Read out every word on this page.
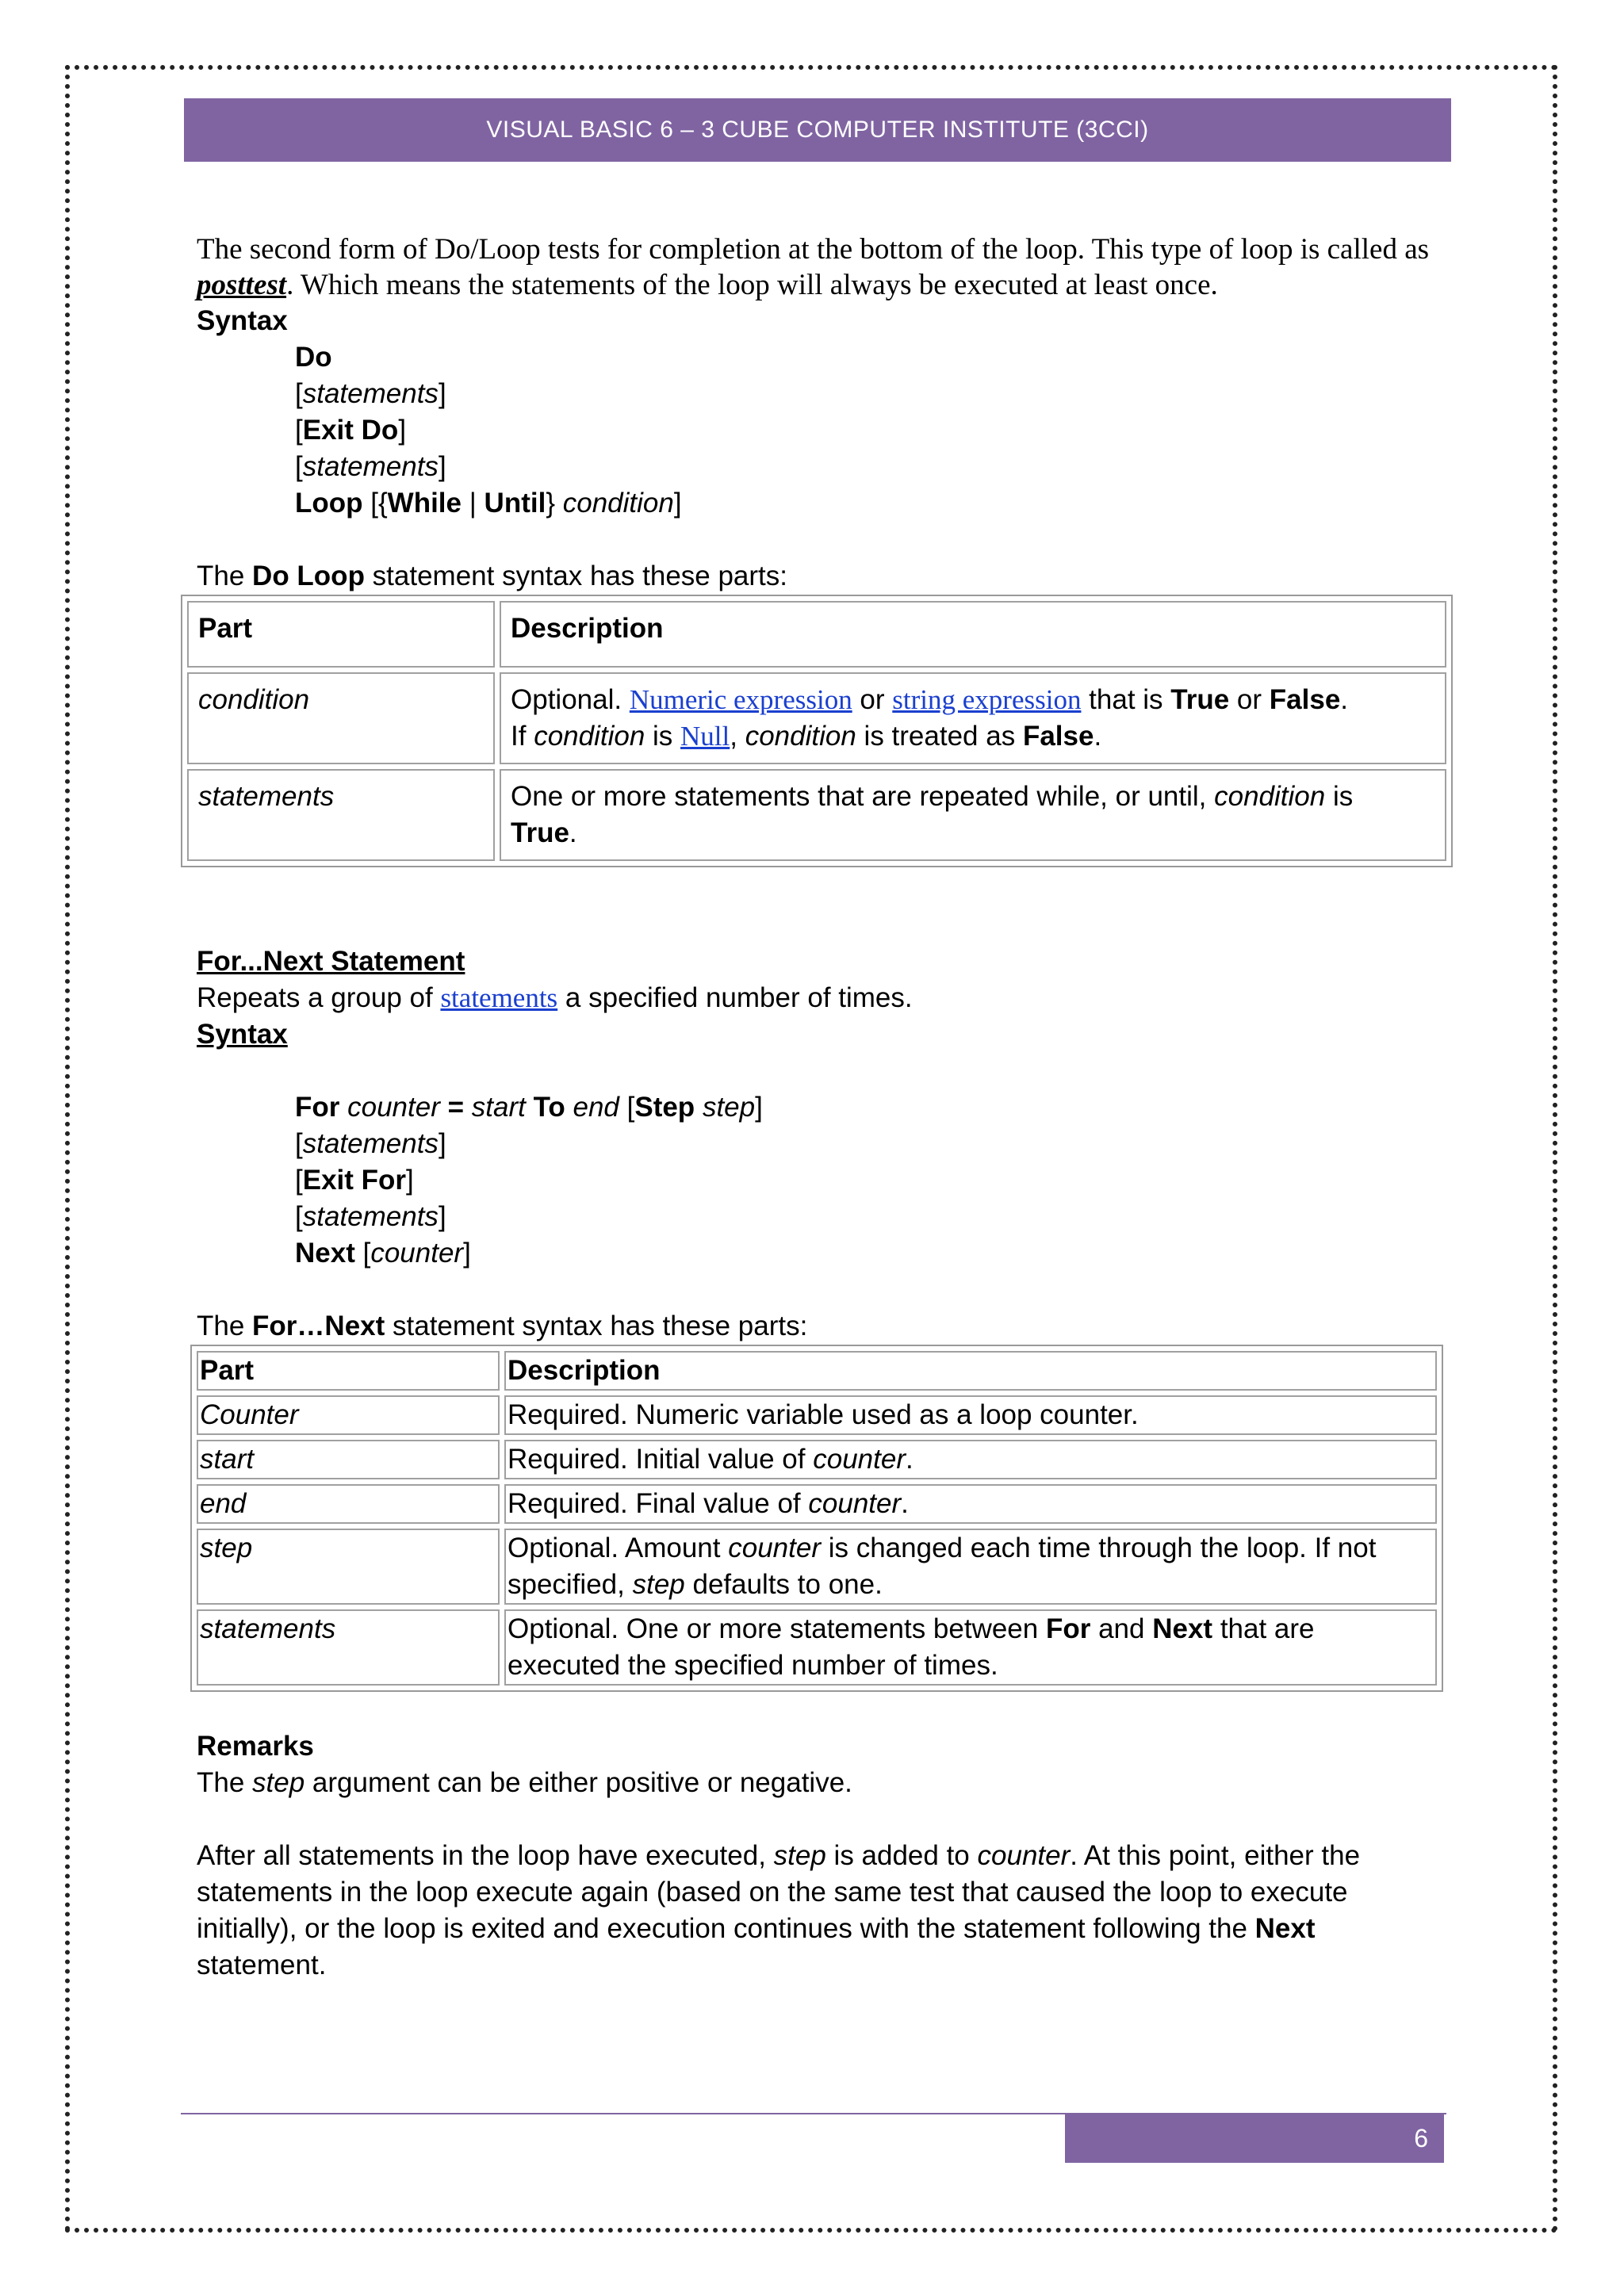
VISUAL BASIC 6 – 3 CUBE COMPUTER INSTITUTE (3CCI)
The second form of Do/Loop tests for completion at the bottom of the loop. This type of loop is called as posttest. Which means the statements of the loop will always be executed at least once.
Syntax
Do
[statements]
[Exit Do]
[statements]
Loop [{While | Until} condition]
The Do Loop statement syntax has these parts:
Part	Description
condition	Optional. Numeric expression or string expression that is True or False.
If condition is Null, condition is treated as False.
statements	One or more statements that are repeated while, or until, condition is
True.
For...Next Statement
Repeats a group of statements a specified number of times.
Syntax
For counter = start To end [Step step]
[statements]
[Exit For]
[statements]
Next [counter]
The For…Next statement syntax has these parts:
Part	Description
Counter	Required. Numeric variable used as a loop counter.
start	Required. Initial value of counter.
end	Required. Final value of counter.
step	Optional. Amount counter is changed each time through the loop. If not
specified, step defaults to one.
statements	Optional. One or more statements between For and Next that are
executed the specified number of times.
Remarks
The step argument can be either positive or negative.
After all statements in the loop have executed, step is added to counter. At this point, either the statements in the loop execute again (based on the same test that caused the loop to execute initially), or the loop is exited and execution continues with the statement following the Next statement.
6
